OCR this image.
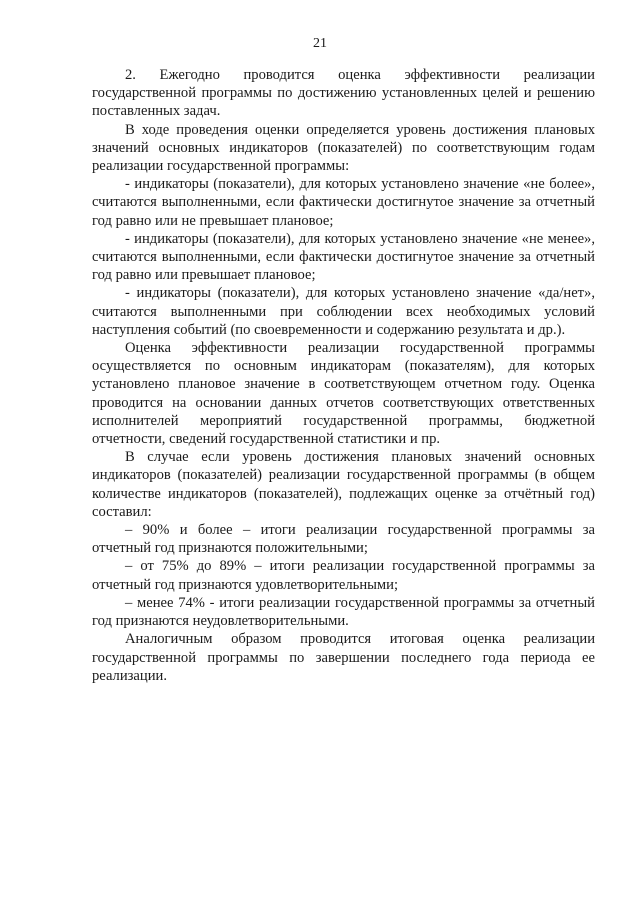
21

2. Ежегодно проводится оценка эффективности реализации государственной программы по достижению установленных целей и решению поставленных задач.

В ходе проведения оценки определяется уровень достижения плановых значений основных индикаторов (показателей) по соответствующим годам реализации государственной программы:

- индикаторы (показатели), для которых установлено значение «не более», считаются выполненными, если фактически достигнутое значение за отчетный год равно или не превышает плановое;

- индикаторы (показатели), для которых установлено значение «не менее», считаются выполненными, если фактически достигнутое значение за отчетный год равно или превышает плановое;

- индикаторы (показатели), для которых установлено значение «да/нет», считаются выполненными при соблюдении всех необходимых условий наступления событий (по своевременности и содержанию результата и др.).

Оценка эффективности реализации государственной программы осуществляется по основным индикаторам (показателям), для которых установлено плановое значение в соответствующем отчетном году. Оценка проводится на основании данных отчетов соответствующих ответственных исполнителей мероприятий государственной программы, бюджетной отчетности, сведений государственной статистики и пр.

В случае если уровень достижения плановых значений основных индикаторов (показателей) реализации государственной программы (в общем количестве индикаторов (показателей), подлежащих оценке за отчётный год) составил:

– 90% и более – итоги реализации государственной программы за отчетный год признаются положительными;

– от 75% до 89% – итоги реализации государственной программы за отчетный год признаются удовлетворительными;

– менее 74% - итоги реализации государственной программы за отчетный год признаются неудовлетворительными.

Аналогичным образом проводится итоговая оценка реализации государственной программы по завершении последнего года периода ее реализации.
